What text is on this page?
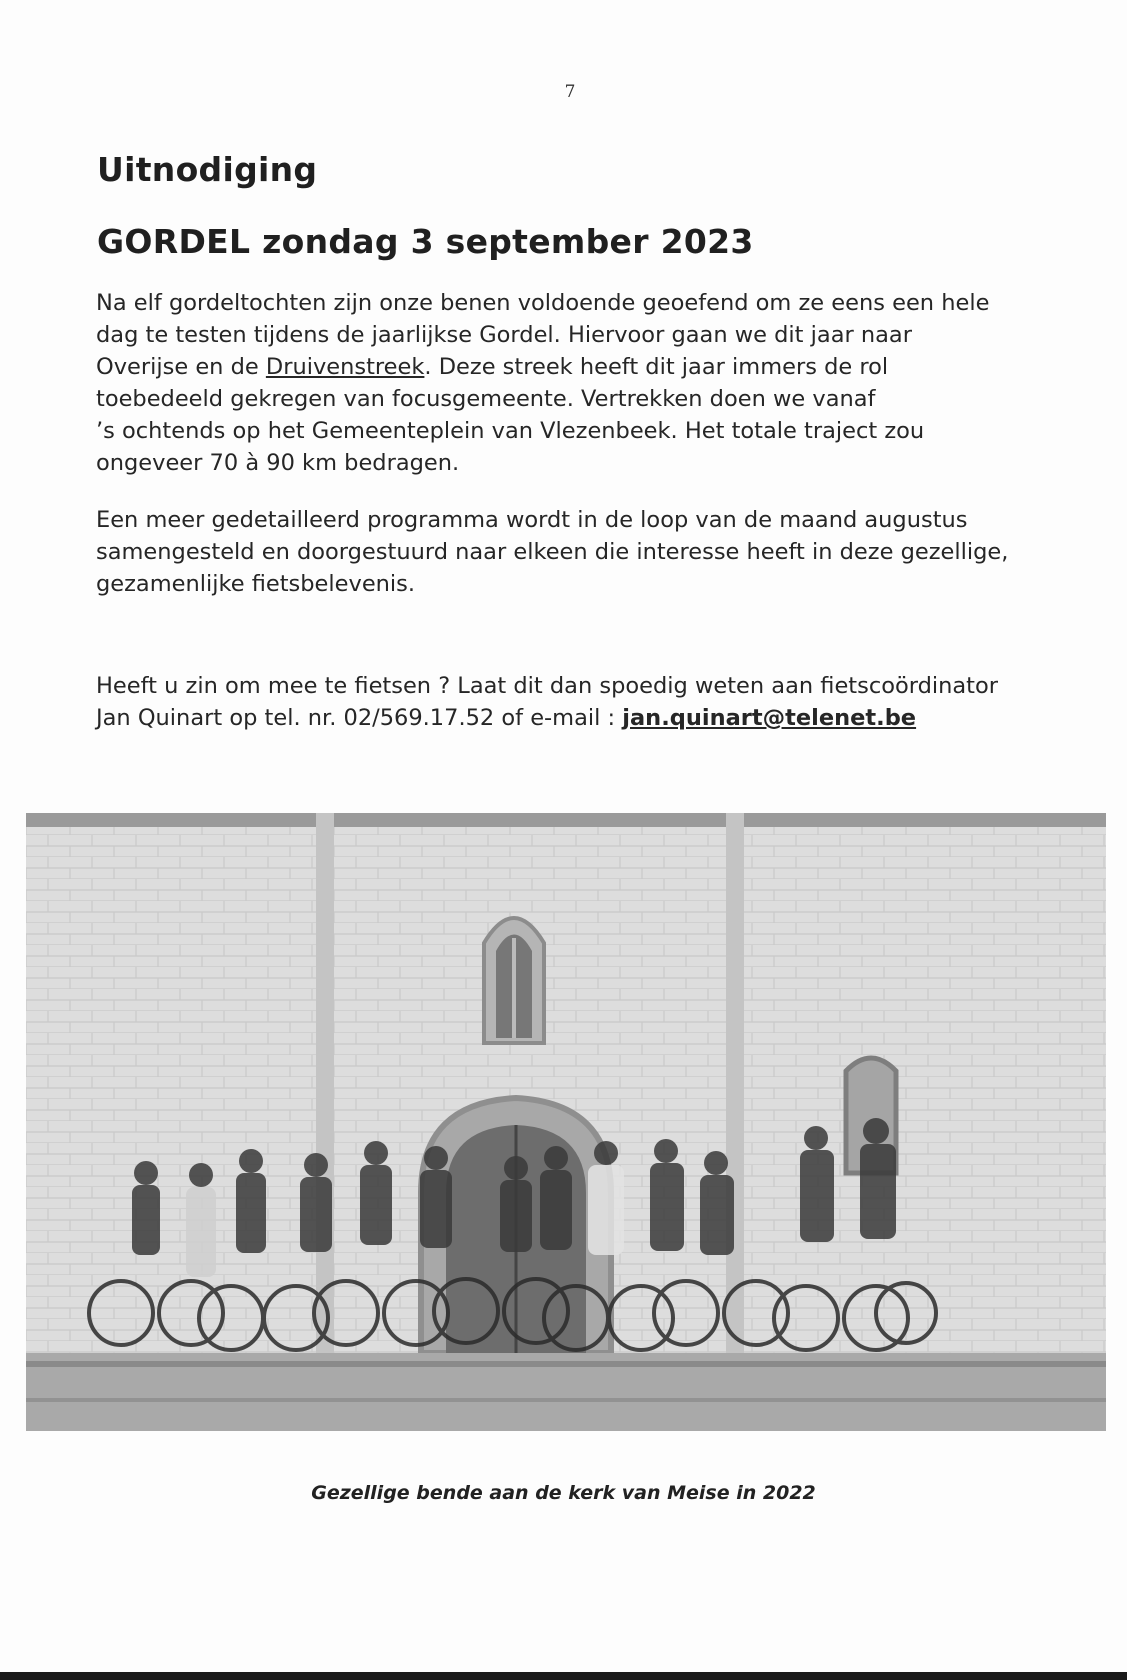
7
Uitnodiging
GORDEL zondag 3 september 2023
Na elf gordeltochten zijn onze benen voldoende geoefend om ze eens een hele
dag te testen tijdens de jaarlijkse Gordel. Hiervoor gaan we dit jaar naar
Overijse en de Druivenstreek. Deze streek heeft dit jaar immers de rol
toebedeeld gekregen van focusgemeente. Vertrekken doen we vanaf
’s ochtends op het Gemeenteplein van Vlezenbeek. Het totale traject zou
ongeveer 70 à 90 km bedragen.
Een meer gedetailleerd programma wordt in de loop van de maand augustus
samengesteld en doorgestuurd naar elkeen die interesse heeft in deze gezellige,
gezamenlijke fietsbelevenis.
Heeft u zin om mee te fietsen ? Laat dit dan spoedig weten aan fietscoördinator
Jan Quinart op tel. nr. 02/569.17.52 of e-mail : jan.quinart@telenet.be
Gezellige bende aan de kerk van Meise in 2022
